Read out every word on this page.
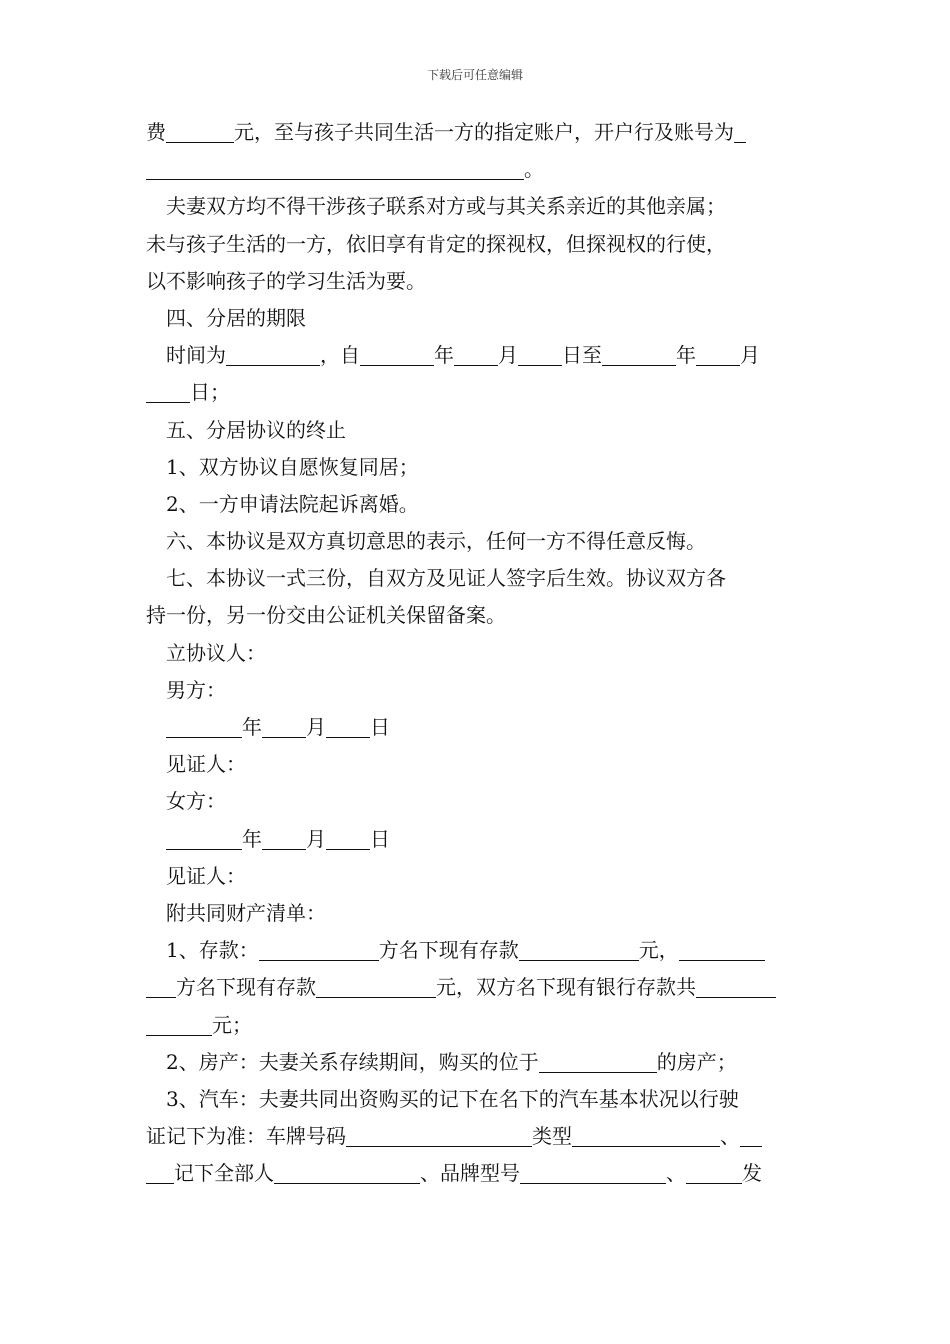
下载后可任意编辑
费	元，至与孩子共同生活一方的指定账户，开户行及账号为
。
夫妻双方均不得干涉孩子联系对方或与其关系亲近的其他亲属；
未与孩子生活的一方，依旧享有肯定的探视权，但探视权的行使，
以不影响孩子的学习生活为要。
四、分居的期限
时间为	，自	年 月 日至	年 月
日；
五、分居协议的终止
1、双方协议自愿恢复同居；
2、一方申请法院起诉离婚。
六、本协议是双方真切意思的表示，任何一方不得任意反悔。
七、本协议一式三份，自双方及见证人签字后生效。协议双方各
持一份，另一份交由公证机关保留备案。
立协议人：
男方：
年 月 日
见证人：
女方：
年 月 日
见证人：
附共同财产清单：
1、存款：	方名下现有存款	元，
方名下现有存款	元，双方名下现有银行存款共
元；
2、房产：夫妻关系存续期间，购买的位于	的房产；
3、汽车：夫妻共同出资购买的记下在名下的汽车基本状况以行驶
证记下为准：车牌号码	类型	、
记下全部人	、品牌型号	、	发
